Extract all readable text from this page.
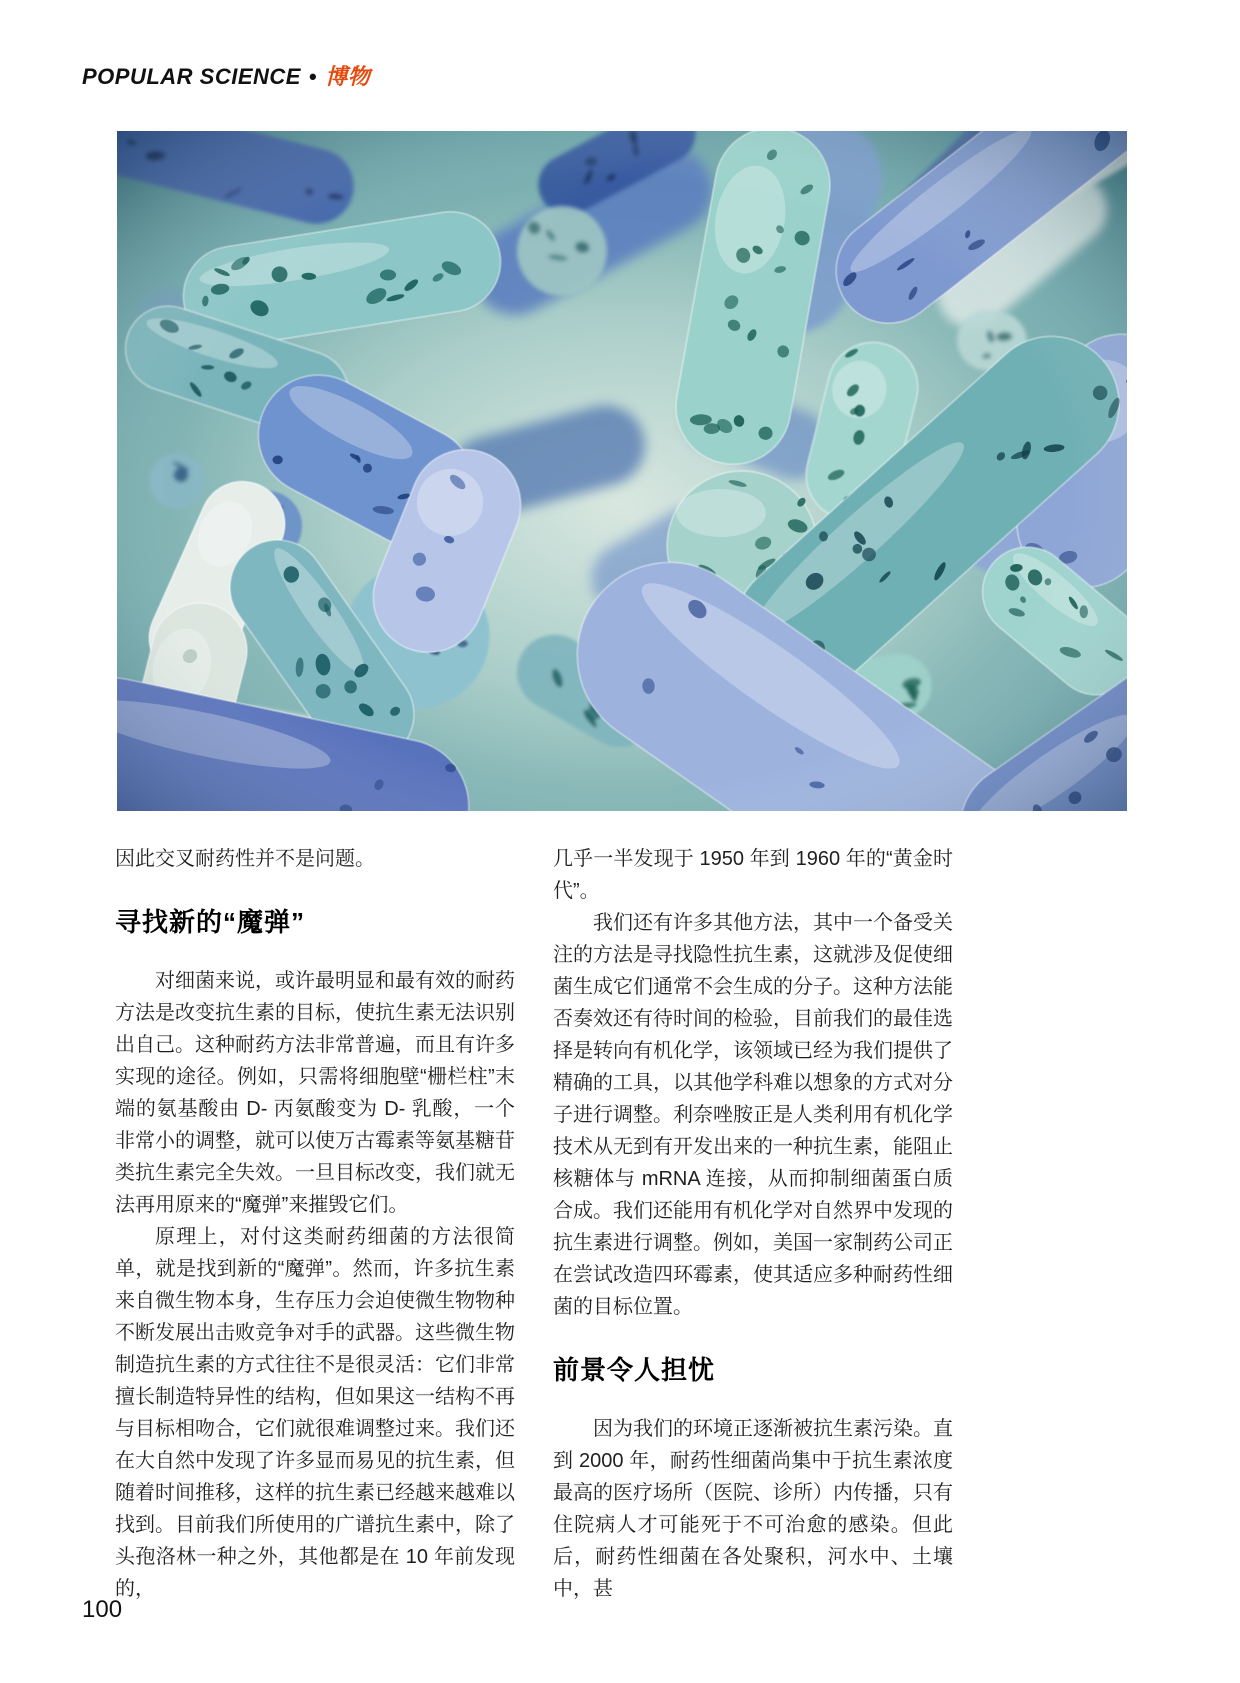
POPULAR SCIENCE • 博物

因此交叉耐药性并不是问题。

寻找新的“魔弹”

对细菌来说，或许最明显和最有效的耐药方法是改变抗生素的目标，使抗生素无法识别出自己。这种耐药方法非常普遍，而且有许多实现的途径。例如，只需将细胞壁“栅栏柱”末端的氨基酸由 D- 丙氨酸变为 D- 乳酸，一个非常小的调整，就可以使万古霉素等氨基糖苷类抗生素完全失效。一旦目标改变，我们就无法再用原来的“魔弹”来摧毁它们。

原理上，对付这类耐药细菌的方法很简单，就是找到新的“魔弹”。然而，许多抗生素来自微生物本身，生存压力会迫使微生物物种不断发展出击败竞争对手的武器。这些微生物制造抗生素的方式往往不是很灵活：它们非常擅长制造特异性的结构，但如果这一结构不再与目标相吻合，它们就很难调整过来。我们还在大自然中发现了许多显而易见的抗生素，但随着时间推移，这样的抗生素已经越来越难以找到。目前我们所使用的广谱抗生素中，除了头孢洛林一种之外，其他都是在 10 年前发现的，

几乎一半发现于 1950 年到 1960 年的“黄金时代”。

我们还有许多其他方法，其中一个备受关注的方法是寻找隐性抗生素，这就涉及促使细菌生成它们通常不会生成的分子。这种方法能否奏效还有待时间的检验，目前我们的最佳选择是转向有机化学，该领域已经为我们提供了精确的工具，以其他学科难以想象的方式对分子进行调整。利奈唑胺正是人类利用有机化学技术从无到有开发出来的一种抗生素，能阻止核糖体与 mRNA 连接，从而抑制细菌蛋白质合成。我们还能用有机化学对自然界中发现的抗生素进行调整。例如，美国一家制药公司正在尝试改造四环霉素，使其适应多种耐药性细菌的目标位置。

前景令人担忧

因为我们的环境正逐渐被抗生素污染。直到 2000 年，耐药性细菌尚集中于抗生素浓度最高的医疗场所（医院、诊所）内传播，只有住院病人才可能死于不可治愈的感染。但此后，耐药性细菌在各处聚积，河水中、土壤中，甚

100
